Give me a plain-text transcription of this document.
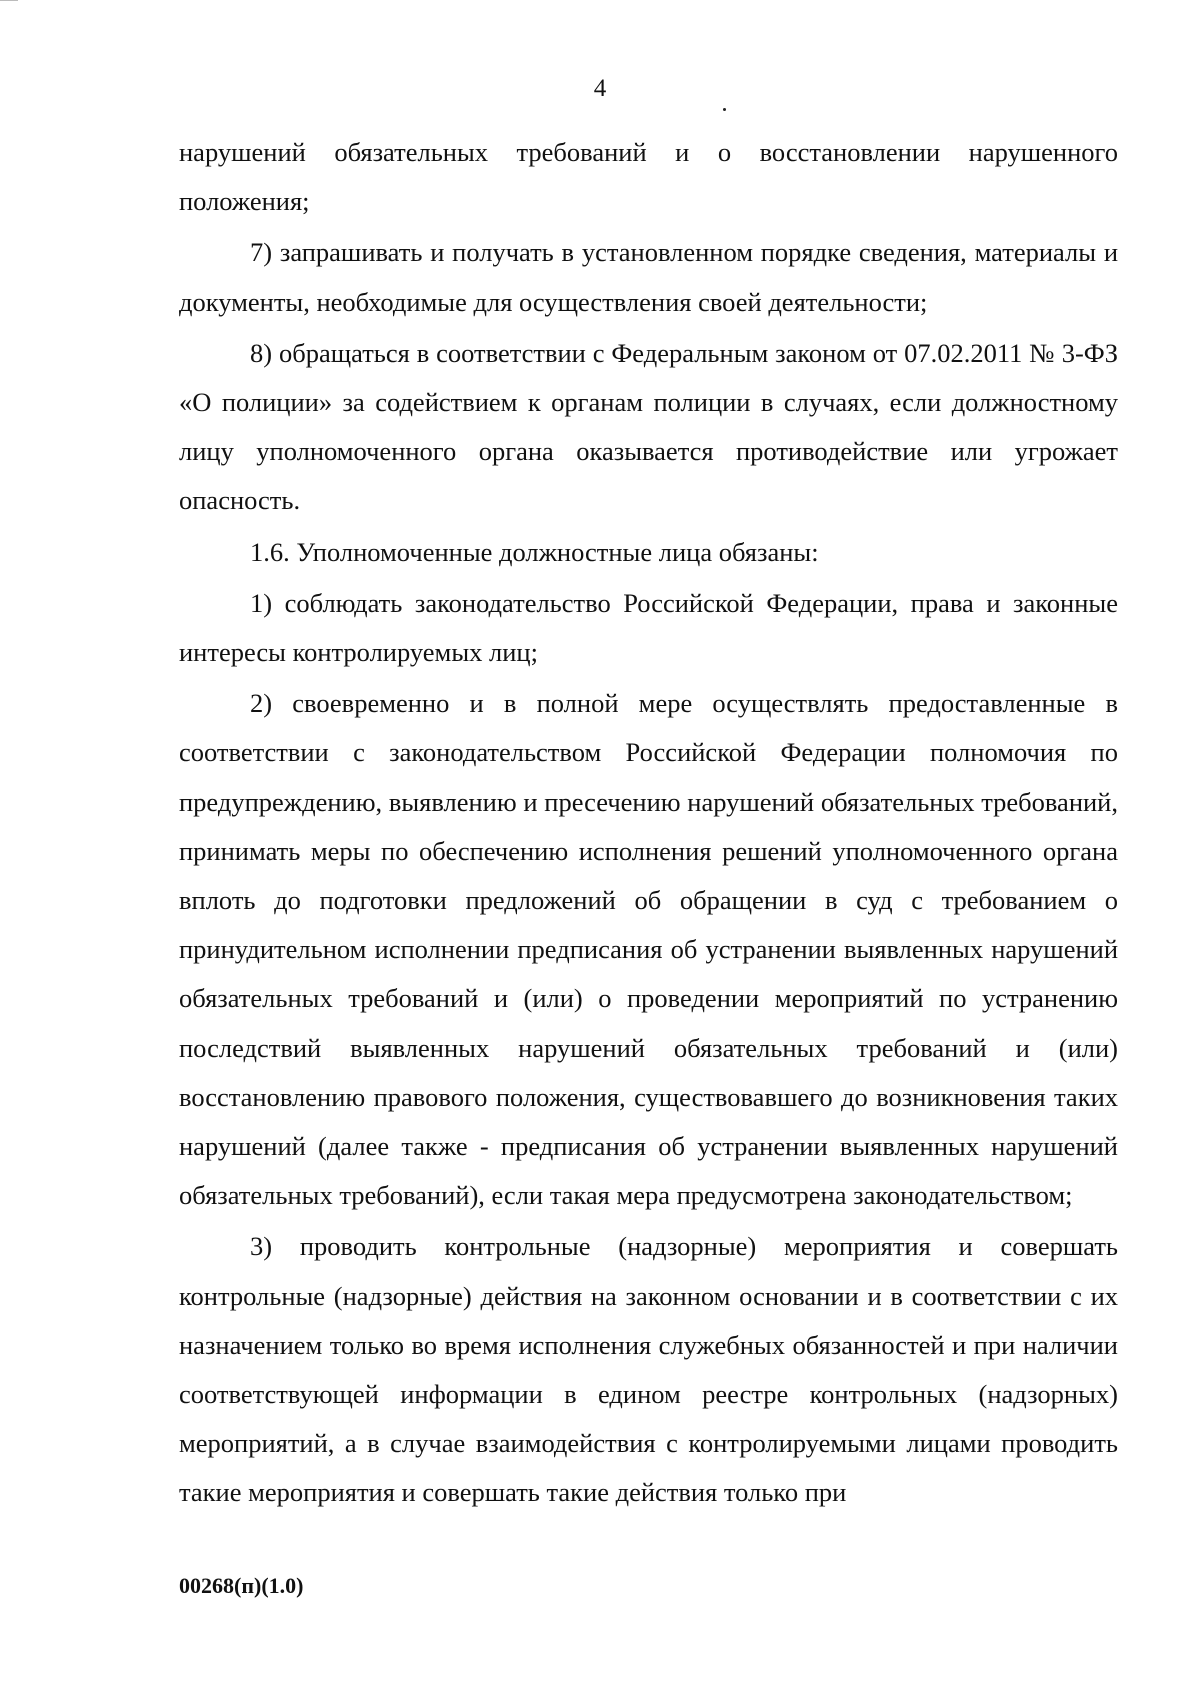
4

нарушений обязательных требований и о восстановлении нарушенного положения;

7) запрашивать и получать в установленном порядке сведения, материалы и документы, необходимые для осуществления своей деятельности;

8) обращаться в соответствии с Федеральным законом от 07.02.2011 № 3-ФЗ «О полиции» за содействием к органам полиции в случаях, если должностному лицу уполномоченного органа оказывается противодействие или угрожает опасность.

1.6. Уполномоченные должностные лица обязаны:

1) соблюдать законодательство Российской Федерации, права и законные интересы контролируемых лиц;

2) своевременно и в полной мере осуществлять предоставленные в соответствии с законодательством Российской Федерации полномочия по предупреждению, выявлению и пресечению нарушений обязательных требований, принимать меры по обеспечению исполнения решений уполномоченного органа вплоть до подготовки предложений об обращении в суд с требованием о принудительном исполнении предписания об устранении выявленных нарушений обязательных требований и (или) о проведении мероприятий по устранению последствий выявленных нарушений обязательных требований и (или) восстановлению правового положения, существовавшего до возникновения таких нарушений (далее также - предписания об устранении выявленных нарушений обязательных требований), если такая мера предусмотрена законодательством;

3) проводить контрольные (надзорные) мероприятия и совершать контрольные (надзорные) действия на законном основании и в соответствии с их назначением только во время исполнения служебных обязанностей и при наличии соответствующей информации в едином реестре контрольных (надзорных) мероприятий, а в случае взаимодействия с контролируемыми лицами проводить такие мероприятия и совершать такие действия только при

00268(п)(1.0)
